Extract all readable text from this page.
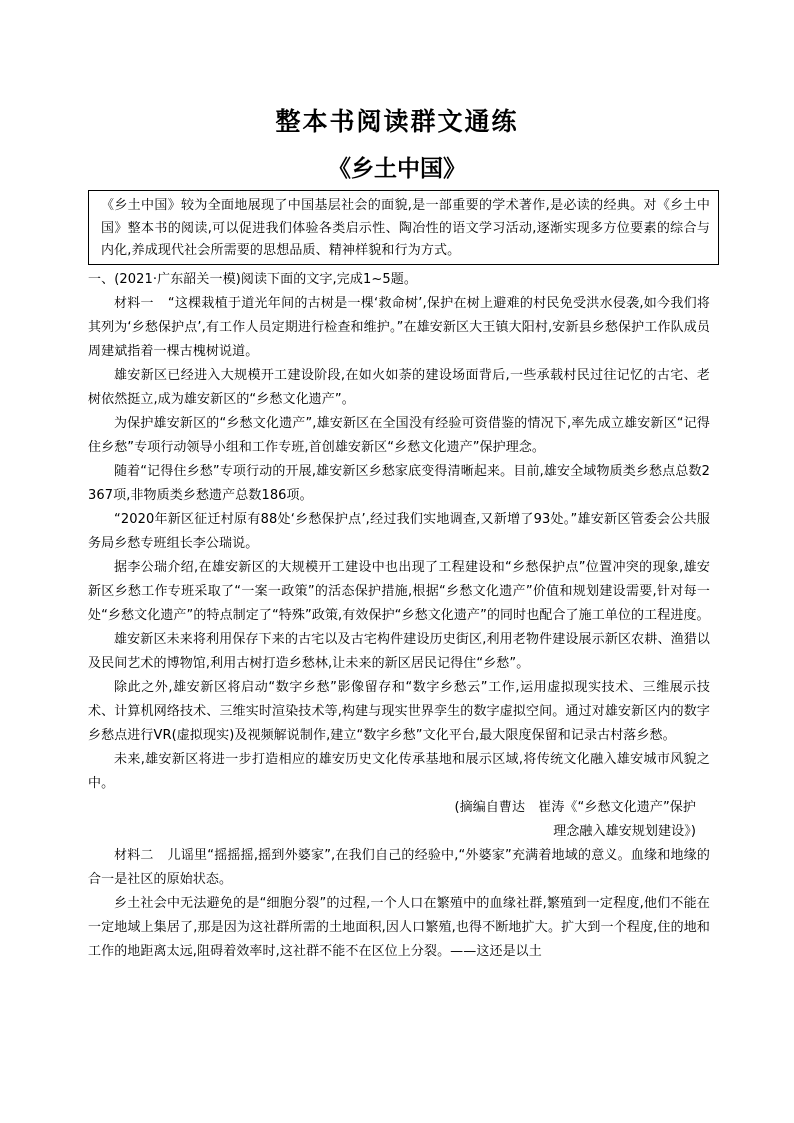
整本书阅读群文通练
《乡土中国》

《乡土中国》较为全面地展现了中国基层社会的面貌,是一部重要的学术著作,是必读的经典。对《乡土中国》整本书的阅读,可以促进我们体验各类启示性、陶冶性的语文学习活动,逐渐实现多方位要素的综合与内化,养成现代社会所需要的思想品质、精神样貌和行为方式。

一、(2021·广东韶关一模)阅读下面的文字,完成1~5题。

材料一 “这棵栽植于道光年间的古树是一棵‘救命树’,保护在树上避难的村民免受洪水侵袭,如今我们将其列为‘乡愁保护点’,有工作人员定期进行检查和维护。”在雄安新区大王镇大阳村,安新县乡愁保护工作队成员周建斌指着一棵古槐树说道。

雄安新区已经进入大规模开工建设阶段,在如火如荼的建设场面背后,一些承载村民过往记忆的古宅、老树依然挺立,成为雄安新区的“乡愁文化遗产”。

为保护雄安新区的“乡愁文化遗产”,雄安新区在全国没有经验可资借鉴的情况下,率先成立雄安新区“记得住乡愁”专项行动领导小组和工作专班,首创雄安新区“乡愁文化遗产”保护理念。

随着“记得住乡愁”专项行动的开展,雄安新区乡愁家底变得清晰起来。目前,雄安全域物质类乡愁点总数2 367项,非物质类乡愁遗产总数186项。

“2020年新区征迁村原有88处‘乡愁保护点’,经过我们实地调查,又新增了93处。”雄安新区管委会公共服务局乡愁专班组长李公瑞说。

据李公瑞介绍,在雄安新区的大规模开工建设中也出现了工程建设和“乡愁保护点”位置冲突的现象,雄安新区乡愁工作专班采取了“一案一政策”的活态保护措施,根据“乡愁文化遗产”价值和规划建设需要,针对每一处“乡愁文化遗产”的特点制定了“特殊”政策,有效保护“乡愁文化遗产”的同时也配合了施工单位的工程进度。

雄安新区未来将利用保存下来的古宅以及古宅构件建设历史街区,利用老物件建设展示新区农耕、渔猎以及民间艺术的博物馆,利用古树打造乡愁林,让未来的新区居民记得住“乡愁”。

除此之外,雄安新区将启动“数字乡愁”影像留存和“数字乡愁云”工作,运用虚拟现实技术、三维展示技术、计算机网络技术、三维实时渲染技术等,构建与现实世界孪生的数字虚拟空间。通过对雄安新区内的数字乡愁点进行VR(虚拟现实)及视频解说制作,建立“数字乡愁”文化平台,最大限度保留和记录古村落乡愁。

未来,雄安新区将进一步打造相应的雄安历史文化传承基地和展示区域,将传统文化融入雄安城市风貌之中。

(摘编自曹达　崔涛《“乡愁文化遗产”保护

理念融入雄安规划建设》)

材料二 儿谣里“摇摇摇,摇到外婆家”,在我们自己的经验中,“外婆家”充满着地域的意义。血缘和地缘的合一是社区的原始状态。

乡土社会中无法避免的是“细胞分裂”的过程,一个人口在繁殖中的血缘社群,繁殖到一定程度,他们不能在一定地域上集居了,那是因为这社群所需的土地面积,因人口繁殖,也得不断地扩大。扩大到一个程度,住的地和工作的地距离太远,阻碍着效率时,这社群不能不在区位上分裂。——这还是以土
